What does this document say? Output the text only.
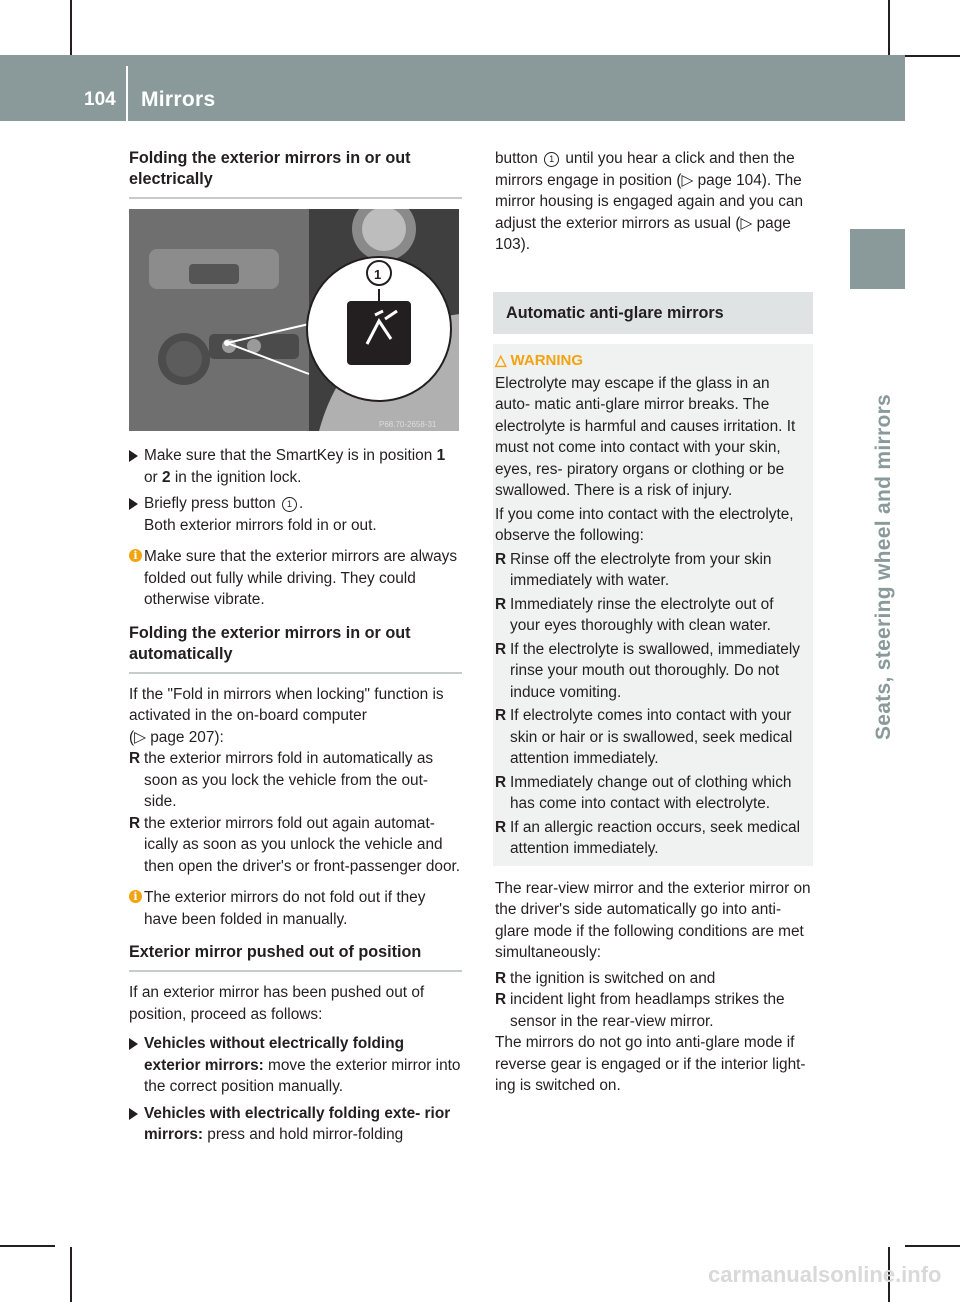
104 Mirrors
Seats, steering wheel and mirrors
Folding the exterior mirrors in or out electrically
1
P68.70-2658-31
Make sure that the SmartKey is in position 1 or 2 in the ignition lock.
Briefly press button 1 .
Both exterior mirrors fold in or out.
i Make sure that the exterior mirrors are always folded out fully while driving. They could otherwise vibrate.
Folding the exterior mirrors in or out automatically

If the "Fold in mirrors when locking" function is activated in the on-board computer
(▷ page 207):

R the exterior mirrors fold in automatically as soon as you lock the vehicle from the out- side.
R the exterior mirrors fold out again automat- ically as soon as you unlock the vehicle and then open the driver's or front-passenger door.
i The exterior mirrors do not fold out if they have been folded in manually.
Exterior mirror pushed out of position

If an exterior mirror has been pushed out of position, proceed as follows:

Vehicles without electrically folding exterior mirrors: move the exterior mirror into the correct position manually.
Vehicles with electrically folding exte- rior mirrors: press and hold mirror-folding

button 1 until you hear a click and then the mirrors engage in position (▷ page 104). The mirror housing is engaged again and you can adjust the exterior mirrors as usual (▷ page 103).

Automatic anti-glare mirrors
△ WARNING

Electrolyte may escape if the glass in an auto- matic anti-glare mirror breaks. The electrolyte is harmful and causes irritation. It must not come into contact with your skin, eyes, res- piratory organs or clothing or be swallowed. There is a risk of injury.

If you come into contact with the electrolyte, observe the following:

R Rinse off the electrolyte from your skin immediately with water.
R Immediately rinse the electrolyte out of your eyes thoroughly with clean water.
R If the electrolyte is swallowed, immediately rinse your mouth out thoroughly. Do not induce vomiting.
R If electrolyte comes into contact with your skin or hair or is swallowed, seek medical attention immediately.
R Immediately change out of clothing which has come into contact with electrolyte.
R If an allergic reaction occurs, seek medical attention immediately.

The rear-view mirror and the exterior mirror on the driver's side automatically go into anti- glare mode if the following conditions are met simultaneously:

R the ignition is switched on and
R incident light from headlamps strikes the sensor in the rear-view mirror.

The mirrors do not go into anti-glare mode if reverse gear is engaged or if the interior light- ing is switched on.

carmanualsonline.info
